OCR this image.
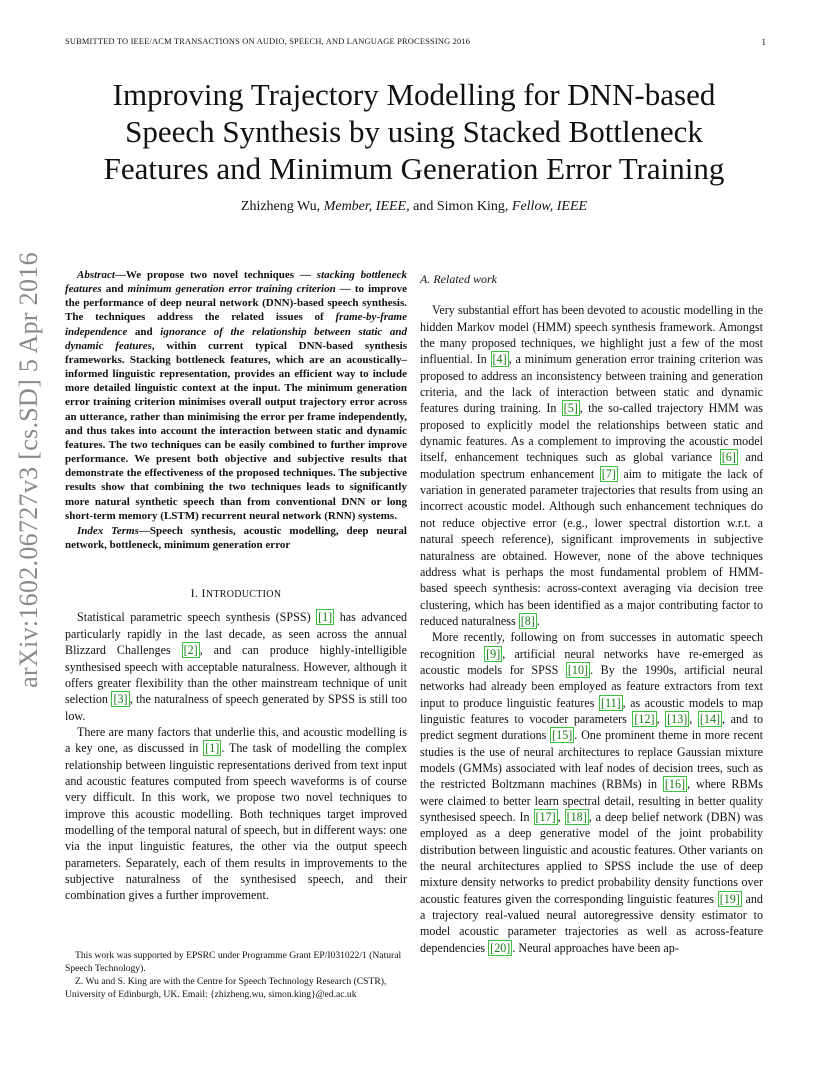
SUBMITTED TO IEEE/ACM TRANSACTIONS ON AUDIO, SPEECH, AND LANGUAGE PROCESSING 2016	1
Improving Trajectory Modelling for DNN-based
Speech Synthesis by using Stacked Bottleneck
Features and Minimum Generation Error Training
Zhizheng Wu, Member, IEEE, and Simon King, Fellow, IEEE
arXiv:1602.06727v3 [cs.SD] 5 Apr 2016	Abstract—We propose two novel techniques — stacking bottleneck features and minimum generation error training criterion — to improve the performance of deep neural network (DNN)-based speech synthesis. The techniques address the related issues of frame-by-frame independence and ignorance of the relationship between static and dynamic features, within current typical DNN-based synthesis frameworks. Stacking bottleneck features, which are an acoustically–informed linguistic representation, provides an efficient way to include more detailed linguistic context at the input. The minimum generation error training criterion minimises overall output trajectory error across an utterance, rather than minimising the error per frame independently, and thus takes into account the interaction between static and dynamic features. The two techniques can be easily combined to further improve performance. We present both objective and subjective results that demonstrate the effectiveness of the proposed techniques. The subjective results show that combining the two techniques leads to significantly more natural synthetic speech than from conventional DNN or long short-term memory (LSTM) recurrent neural network (RNN) systems.

Index Terms—Speech synthesis, acoustic modelling, deep neural network, bottleneck, minimum generation error

I. INTRODUCTION

Statistical parametric speech synthesis (SPSS) [1] has advanced particularly rapidly in the last decade, as seen across the annual Blizzard Challenges [2] , and can produce highly-intelligible synthesised speech with acceptable naturalness. However, although it offers greater flexibility than the other mainstream technique of unit selection [3] , the naturalness of speech generated by SPSS is still too low.

There are many factors that underlie this, and acoustic modelling is a key one, as discussed in [1] . The task of modelling the complex relationship between linguistic representations derived from text input and acoustic features computed from speech waveforms is of course very difficult. In this work, we propose two novel techniques to improve this acoustic modelling. Both techniques target improved modelling of the temporal natural of speech, but in different ways: one via the input linguistic features, the other via the output speech parameters. Separately, each of them results in improvements to the subjective naturalness of the synthesised speech, and their combination gives a further improvement.

This work was supported by EPSRC under Programme Grant EP/I031022/1 (Natural Speech Technology).

Z. Wu and S. King are with the Centre for Speech Technology Research (CSTR), University of Edinburgh, UK. Email: {zhizheng.wu, simon.king}@ed.ac.uk

A. Related work

Very substantial effort has been devoted to acoustic modelling in the hidden Markov model (HMM) speech synthesis framework. Amongst the many proposed techniques, we highlight just a few of the most influential. In [4] , a minimum generation error training criterion was proposed to address an inconsistency between training and generation criteria, and the lack of interaction between static and dynamic features during training. In [5] , the so-called trajectory HMM was proposed to explicitly model the relationships between static and dynamic features. As a complement to improving the acoustic model itself, enhancement techniques such as global variance [6] and modulation spectrum enhancement [7] aim to mitigate the lack of variation in generated parameter trajectories that results from using an incorrect acoustic model. Although such enhancement techniques do not reduce objective error (e.g., lower spectral distortion w.r.t. a natural speech reference), significant improvements in subjective naturalness are obtained. However, none of the above techniques address what is perhaps the most fundamental problem of HMM-based speech synthesis: across-context averaging via decision tree clustering, which has been identified as a major contributing factor to reduced naturalness [8] .

More recently, following on from successes in automatic speech recognition [9] , artificial neural networks have re-emerged as acoustic models for SPSS [10] . By the 1990s, artificial neural networks had already been employed as feature extractors from text input to produce linguistic features [11] , as acoustic models to map linguistic features to vocoder parameters [12] , [13] , [14] , and to predict segment durations [15] . One prominent theme in more recent studies is the use of neural architectures to replace Gaussian mixture models (GMMs) associated with leaf nodes of decision trees, such as the restricted Boltzmann machines (RBMs) in [16] , where RBMs were claimed to better learn spectral detail, resulting in better quality synthesised speech. In [17] , [18] , a deep belief network (DBN) was employed as a deep generative model of the joint probability distribution between linguistic and acoustic features. Other variants on the neural architectures applied to SPSS include the use of deep mixture density networks to predict probability density functions over acoustic features given the corresponding linguistic features [19] and a trajectory real-valued neural autoregressive density estimator to model acoustic parameter trajectories as well as across-feature dependencies [20] . Neural approaches have been ap-
